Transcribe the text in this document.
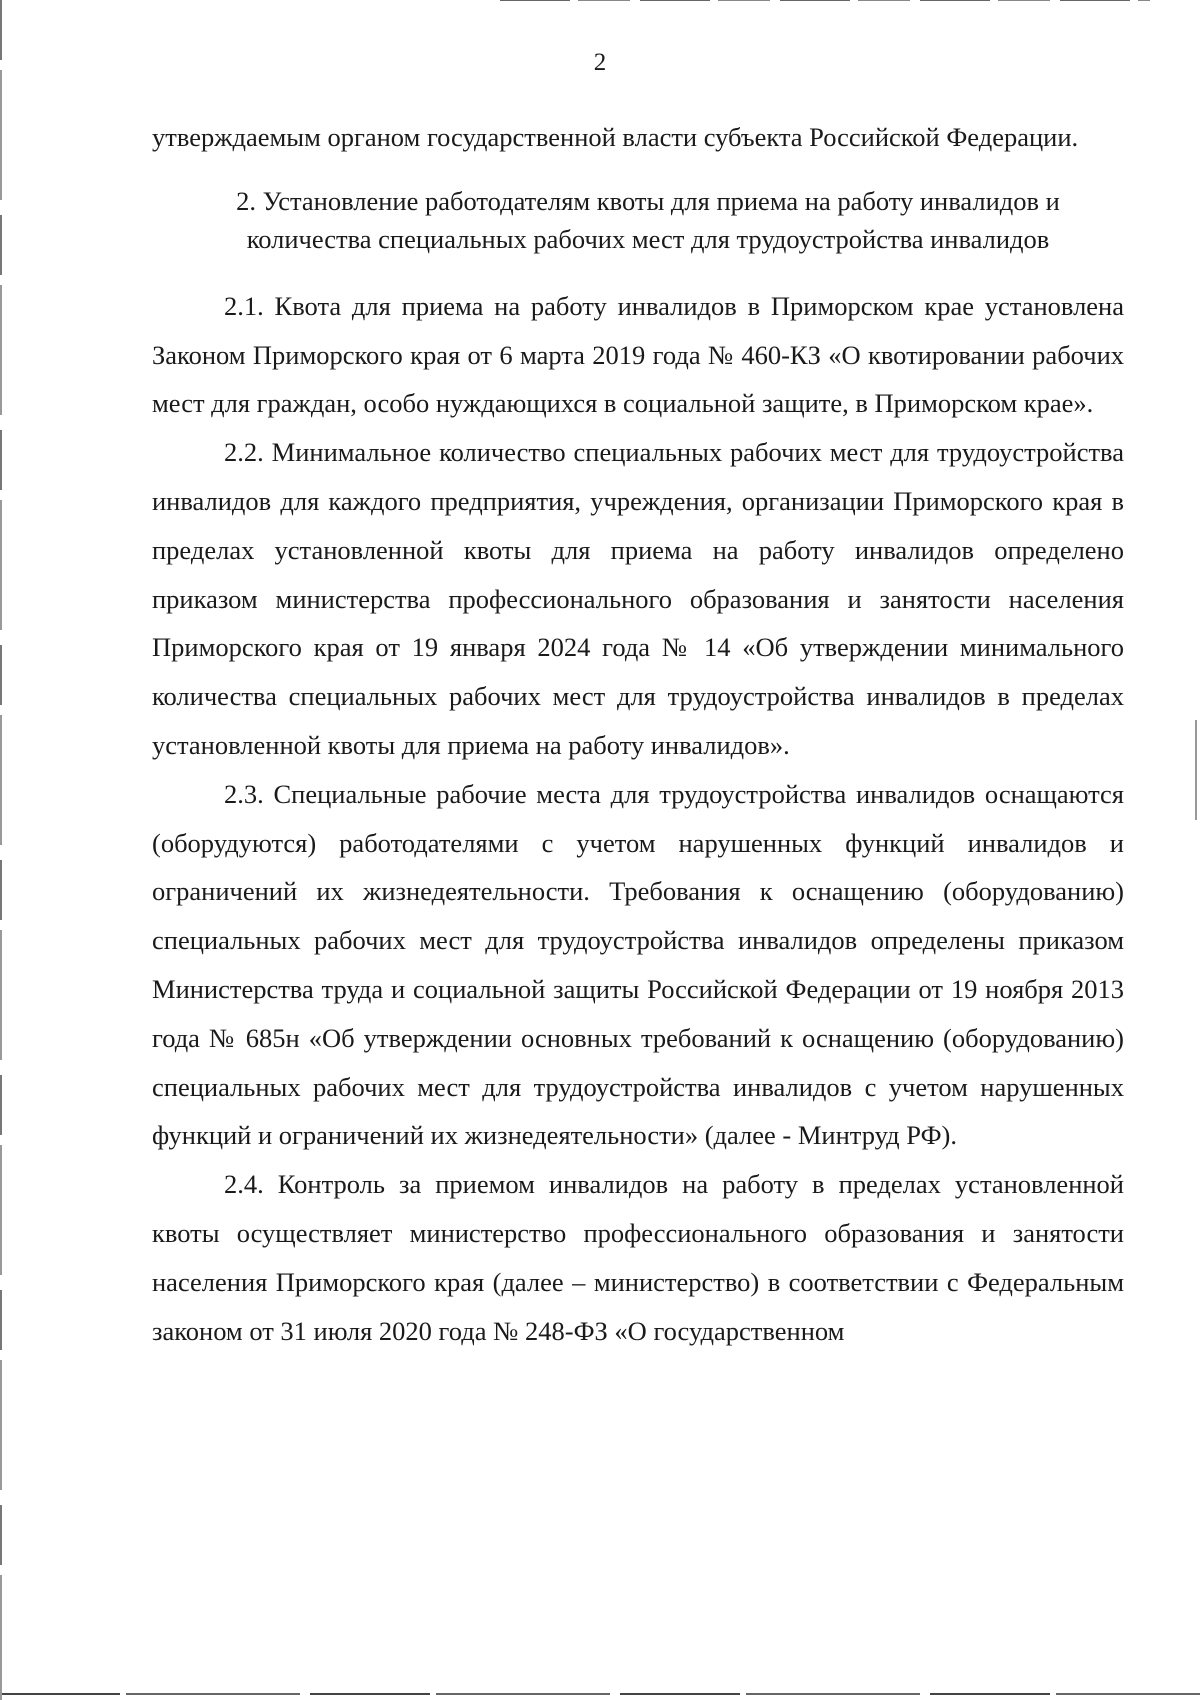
2

утверждаемым органом государственной власти субъекта Российской Федерации.

2. Установление работодателям квоты для приема на работу инвалидов и
количества специальных рабочих мест для трудоустройства инвалидов

2.1. Квота для приема на работу инвалидов в Приморском крае установлена Законом Приморского края от 6 марта 2019 года № 460-КЗ «О квотировании рабочих мест для граждан, особо нуждающихся в социальной защите, в Приморском крае».

2.2. Минимальное количество специальных рабочих мест для трудоустройства инвалидов для каждого предприятия, учреждения, организации Приморского края в пределах установленной квоты для приема на работу инвалидов определено приказом министерства профессионального образования и занятости населения Приморского края от 19 января 2024 года № 14 «Об утверждении минимального количества специальных рабочих мест для трудоустройства инвалидов в пределах установленной квоты для приема на работу инвалидов».

2.3. Специальные рабочие места для трудоустройства инвалидов оснащаются (оборудуются) работодателями с учетом нарушенных функций инвалидов и ограничений их жизнедеятельности. Требования к оснащению (оборудованию) специальных рабочих мест для трудоустройства инвалидов определены приказом Министерства труда и социальной защиты Российской Федерации от 19 ноября 2013 года № 685н «Об утверждении основных требований к оснащению (оборудованию) специальных рабочих мест для трудоустройства инвалидов с учетом нарушенных функций и ограничений их жизнедеятельности» (далее - Минтруд РФ).

2.4. Контроль за приемом инвалидов на работу в пределах установленной квоты осуществляет министерство профессионального образования и занятости населения Приморского края (далее – министерство) в соответствии с Федеральным законом от 31 июля 2020 года № 248-ФЗ «О государственном
